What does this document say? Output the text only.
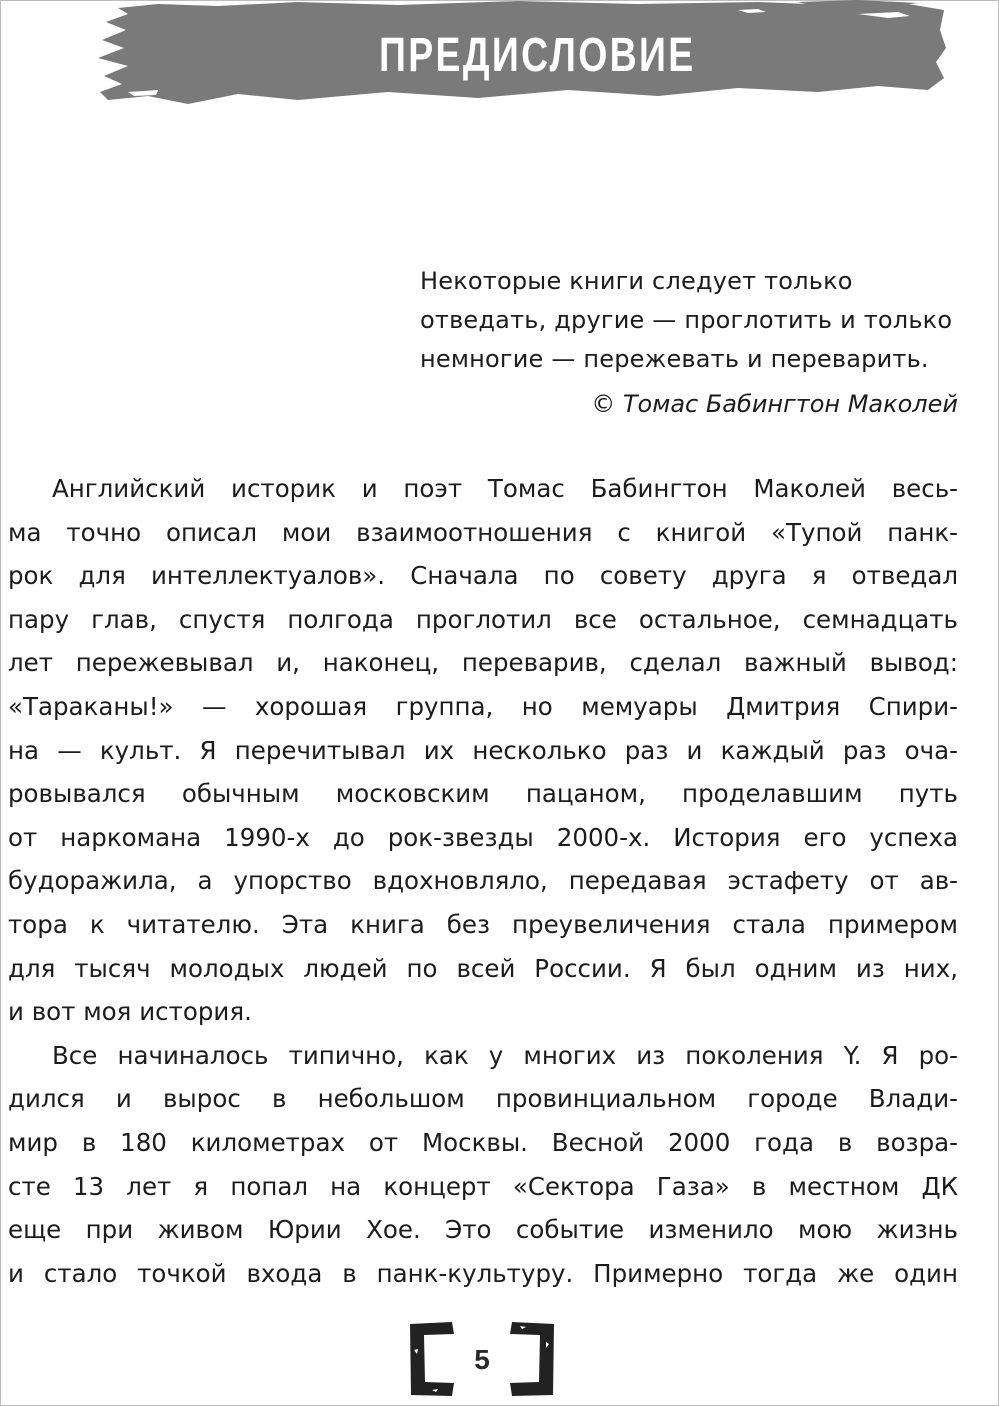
ПРЕДИСЛОВИЕ
Некоторые книги следует только
отведать, другие — проглотить и только
немногие — пережевать и переварить.
© Томас Бабингтон Маколей
Английский историк и поэт Томас Бабингтон Маколей весь-
ма точно описал мои взаимоотношения с книгой «Тупой панк-
рок для интеллектуалов». Сначала по совету друга я отведал
пару глав, спустя полгода проглотил все остальное, семнадцать
лет пережевывал и, наконец, переварив, сделал важный вывод:
«Тараканы!» — хорошая группа, но мемуары Дмитрия Спири-
на — культ. Я перечитывал их несколько раз и каждый раз оча-
ровывался обычным московским пацаном, проделавшим путь
от наркомана 1990-х до рок-звезды 2000-х. История его успеха
будоражила, а упорство вдохновляло, передавая эстафету от ав-
тора к читателю. Эта книга без преувеличения стала примером
для тысяч молодых людей по всей России. Я был одним из них,
и вот моя история.
Все начиналось типично, как у многих из поколения Y. Я ро-
дился и вырос в небольшом провинциальном городе Влади-
мир в 180 километрах от Москвы. Весной 2000 года в возра-
сте 13 лет я попал на концерт «Сектора Газа» в местном ДК
еще при живом Юрии Хое. Это событие изменило мою жизнь
и стало точкой входа в панк-культуру. Примерно тогда же один
5
